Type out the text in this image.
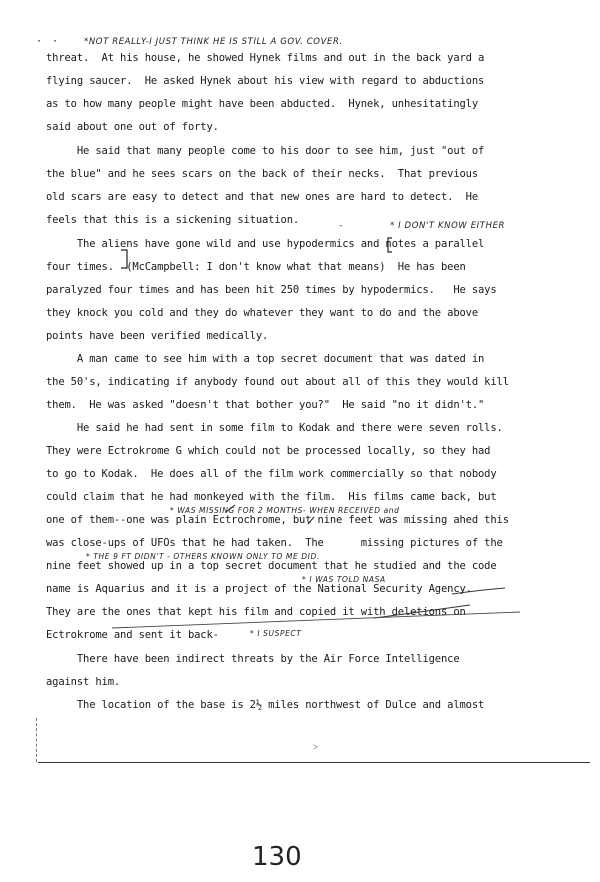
· ·	*NOT REALLY-I JUST THINK HE IS STILL A GOV. COVER.

* I DON'T KNOW EITHER

* WAS MISSING FOR 2 MONTHS- WHEN RECEIVED and

* THE 9 FT DIDN'T - OTHERS KNOWN ONLY TO ME DID.

* I WAS TOLD NASA

* I SUSPECT

threat.  At his house, he showed Hynek films and out in the back yard a

flying saucer.  He asked Hynek about his view with regard to abductions

as to how many people might have been abducted.  Hynek, unhesitatingly

said about one out of forty.

He said that many people come to his door to see him, just "out of

the blue" and he sees scars on the back of their necks.  That previous

old scars are easy to detect and that new ones are hard to detect.  He

feels that this is a sickening situation.

The aliens have gone wild and use hypodermics and notes a parallel

four times.  (McCampbell: I don't know what that means)  He has been

paralyzed four times and has been hit 250 times by hypodermics.   He says

they knock you cold and they do whatever they want to do and the above

points have been verified medically.

A man came to see him with a top secret document that was dated in

the 50's, indicating if anybody found out about all of this they would kill

them.  He was asked "doesn't that bother you?"  He said "no it didn't."

He said he had sent in some film to Kodak and there were seven rolls.

They were Ectrokrome G which could not be processed locally, so they had

to go to Kodak.  He does all of the film work commercially so that nobody

could claim that he had monkeyed with the film.  His films came back, but

one of them--one was plain Ectrochrome, but nine feet was missing ahed this

was close-ups of UFOs that he had taken.  The      missing pictures of the

nine feet showed up in a top secret document that he studied and the code

name is Aquarius and it is a project of the National Security Agency.

They are the ones that kept his film and copied it with deletions on

Ectrokrome and sent it back-

There have been indirect threats by the Air Force Intelligence

against him.

The location of the base is 2½ miles northwest of Dulce and almost

-
˃

130
